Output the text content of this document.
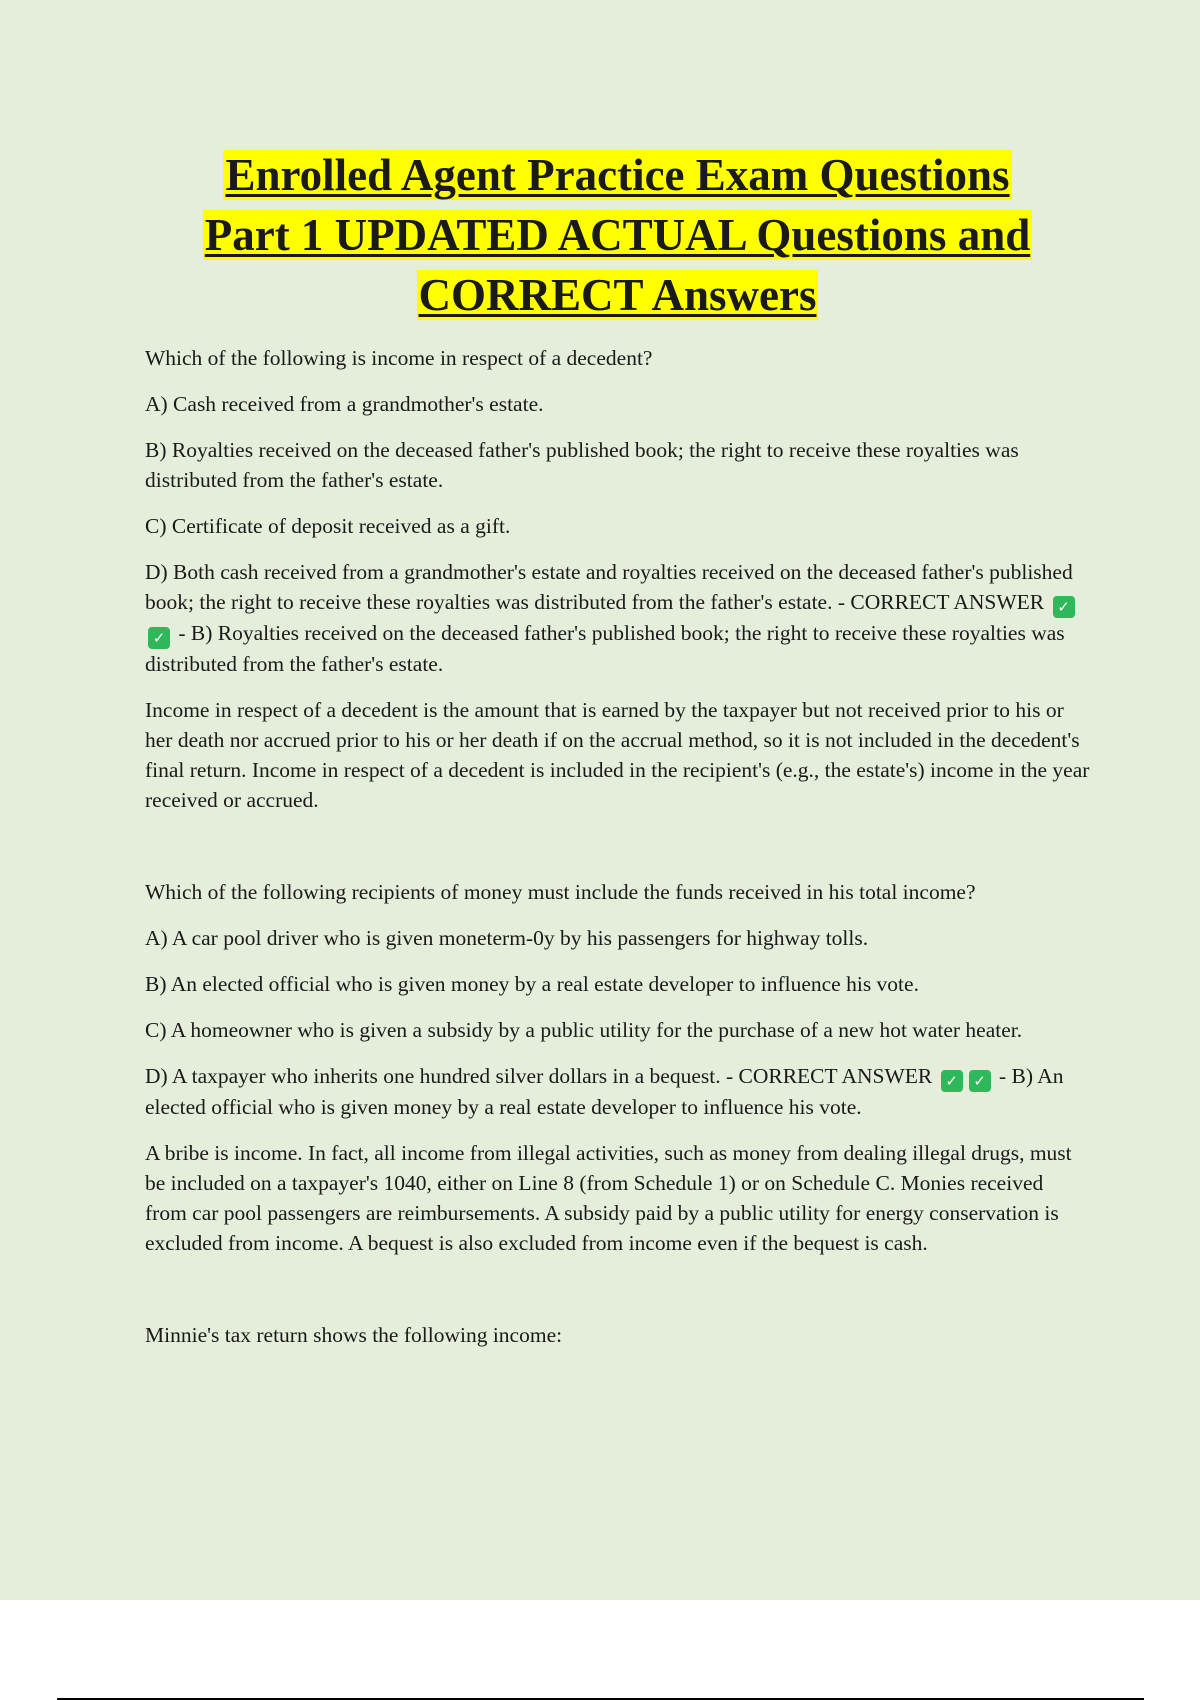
Enrolled Agent Practice Exam Questions
Part 1 UPDATED ACTUAL Questions and
CORRECT Answers

Which of the following is income in respect of a decedent?

A) Cash received from a grandmother's estate.

B) Royalties received on the deceased father's published book; the right to receive these royalties was distributed from the father's estate.

C) Certificate of deposit received as a gift.

D) Both cash received from a grandmother's estate and royalties received on the deceased father's published book; the right to receive these royalties was distributed from the father's estate. - CORRECT ANSWER ✓✓ - B) Royalties received on the deceased father's published book; the right to receive these royalties was distributed from the father's estate.

Income in respect of a decedent is the amount that is earned by the taxpayer but not received prior to his or her death nor accrued prior to his or her death if on the accrual method, so it is not included in the decedent's final return. Income in respect of a decedent is included in the recipient's (e.g., the estate's) income in the year received or accrued.

Which of the following recipients of money must include the funds received in his total income?

A) A car pool driver who is given moneterm-0y by his passengers for highway tolls.

B) An elected official who is given money by a real estate developer to influence his vote.

C) A homeowner who is given a subsidy by a public utility for the purchase of a new hot water heater.

D) A taxpayer who inherits one hundred silver dollars in a bequest. - CORRECT ANSWER ✓ ✓ - B) An elected official who is given money by a real estate developer to influence his vote.

A bribe is income. In fact, all income from illegal activities, such as money from dealing illegal drugs, must be included on a taxpayer's 1040, either on Line 8 (from Schedule 1) or on Schedule C. Monies received from car pool passengers are reimbursements. A subsidy paid by a public utility for energy conservation is excluded from income. A bequest is also excluded from income even if the bequest is cash.

Minnie's tax return shows the following income:
